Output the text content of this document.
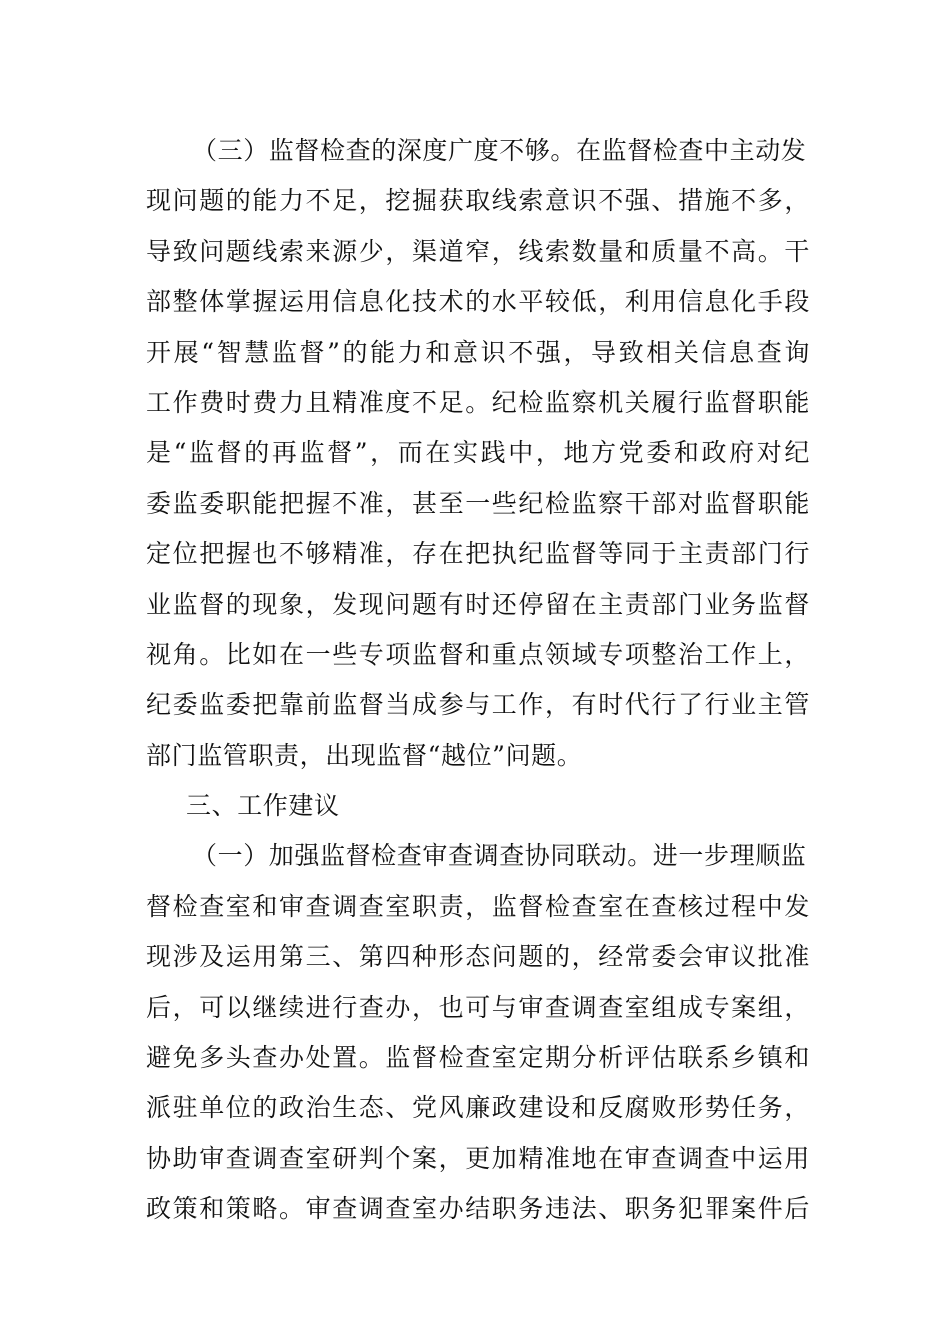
（三）监督检查的深度广度不够。在监督检查中主动发
现问题的能力不足，挖掘获取线索意识不强、措施不多，
导致问题线索来源少，渠道窄，线索数量和质量不高。干
部整体掌握运用信息化技术的水平较低，利用信息化手段
开展“智慧监督”的能力和意识不强，导致相关信息查询
工作费时费力且精准度不足。纪检监察机关履行监督职能
是“监督的再监督”，而在实践中，地方党委和政府对纪
委监委职能把握不准，甚至一些纪检监察干部对监督职能
定位把握也不够精准，存在把执纪监督等同于主责部门行
业监督的现象，发现问题有时还停留在主责部门业务监督
视角。比如在一些专项监督和重点领域专项整治工作上，
纪委监委把靠前监督当成参与工作，有时代行了行业主管
部门监管职责，出现监督“越位”问题。
三、工作建议
（一）加强监督检查审查调查协同联动。进一步理顺监
督检查室和审查调查室职责，监督检查室在查核过程中发
现涉及运用第三、第四种形态问题的，经常委会审议批准
后，可以继续进行查办，也可与审查调查室组成专案组，
避免多头查办处置。监督检查室定期分析评估联系乡镇和
派驻单位的政治生态、党风廉政建设和反腐败形势任务，
协助审查调查室研判个案，更加精准地在审查调查中运用
政策和策略。审查调查室办结职务违法、职务犯罪案件后
